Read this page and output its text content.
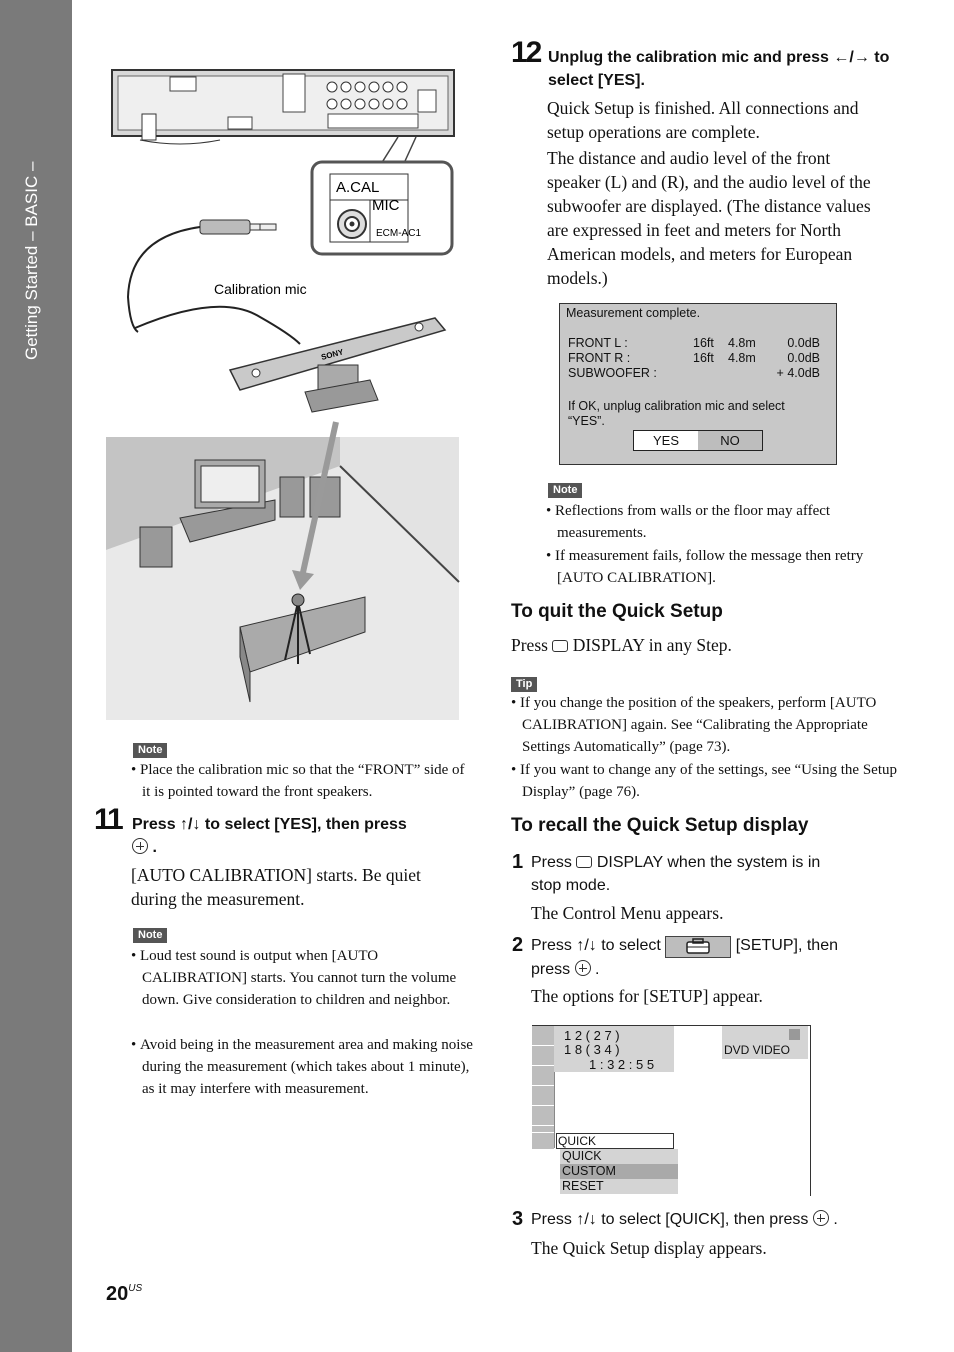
Getting Started – BASIC –	A.CAL
MIC
ECM-AC1
Calibration mic
SONY
Note
• Place the calibration mic so that the “FRONT” side of it is pointed toward the front speakers.
11 Press ↑/↓ to select [YES], then press
.
[AUTO CALIBRATION] starts. Be quiet during the measurement.
Note
• Loud test sound is output when [AUTO CALIBRATION] starts. You cannot turn the volume down. Give consideration to children and neighbor.
• Avoid being in the measurement area and making noise during the measurement (which takes about 1 minute), as it may interfere with measurement.
12 Unplug the calibration mic and press ←/→ to select [YES].
Quick Setup is finished. All connections and setup operations are complete.
The distance and audio level of the front speaker (L) and (R), and the audio level of the subwoofer are displayed. (The distance values are expressed in feet and meters for North American models, and meters for European models.)
Measurement complete.
FRONT L :	16ft 4.8m	0.0dB
FRONT R :	16ft 4.8m	0.0dB
SUBWOOFER :	+ 4.0dB
If OK, unplug calibration mic and select “YES”.
YES	NO
Note
• Reflections from walls or the floor may affect measurements.
• If measurement fails, follow the message then retry [AUTO CALIBRATION].
To quit the Quick Setup
Press DISPLAY in any Step.
Tip
• If you change the position of the speakers, perform [AUTO CALIBRATION] again. See “Calibrating the Appropriate Settings Automatically” (page 73).
• If you want to change any of the settings, see “Using the Setup Display” (page 76).
To recall the Quick Setup display
1 Press DISPLAY when the system is in
stop mode.
The Control Menu appears.
2 Press ↑/↓ to select	[SETUP], then
press .
The options for [SETUP] appear.
1 2 ( 2 7 )
1 8 ( 3 4 )
1 : 3 2 : 5 5
DVD VIDEO
QUICK
QUICK
CUSTOM
RESET
3 Press ↑/↓ to select [QUICK], then press .
The Quick Setup display appears.
$20^{US}$
